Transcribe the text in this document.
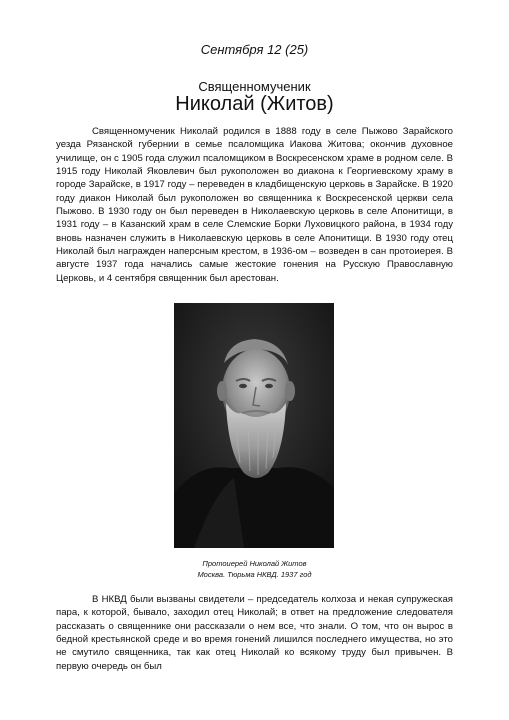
Сентября 12 (25)
Священномученик
Николай (Житов)

Священномученик Николай родился в 1888 году в селе Пыжово Зарайского уезда Рязанской губернии в семье псаломщика Иакова Житова; окончив духовное училище, он с 1905 года служил псаломщиком в Воскресенском храме в родном селе. В 1915 году Николай Яковлевич был рукоположен во диакона к Георгиевскому храму в городе Зарайске, в 1917 году – переведен в кладбищенскую церковь в Зарайске. В 1920 году диакон Николай был рукоположен во священника к Воскресенской церкви села Пыжово. В 1930 году он был переведен в Николаевскую церковь в селе Апонитищи, в 1931 году – в Казанский храм в селе Слемские Борки Луховицкого района, в 1934 году вновь назначен служить в Николаевскую церковь в селе Апонитищи. В 1930 году отец Николай был награжден наперсным крестом, в 1936-ом – возведен в сан протоиерея. В августе 1937 года начались самые жестокие гонения на Русскую Православную Церковь, и 4 сентября священник был арестован.

Протоиерей Николай Житов
Москва. Тюрьма НКВД. 1937 год

В НКВД были вызваны свидетели – председатель колхоза и некая супружеская пара, к которой, бывало, заходил отец Николай; в ответ на предложение следователя рассказать о священнике они рассказали о нем все, что знали. О том, что он вырос в бедной крестьянской среде и во время гонений лишился последнего имущества, но это не смутило священника, так как отец Николай ко всякому труду был привычен. В первую очередь он был
